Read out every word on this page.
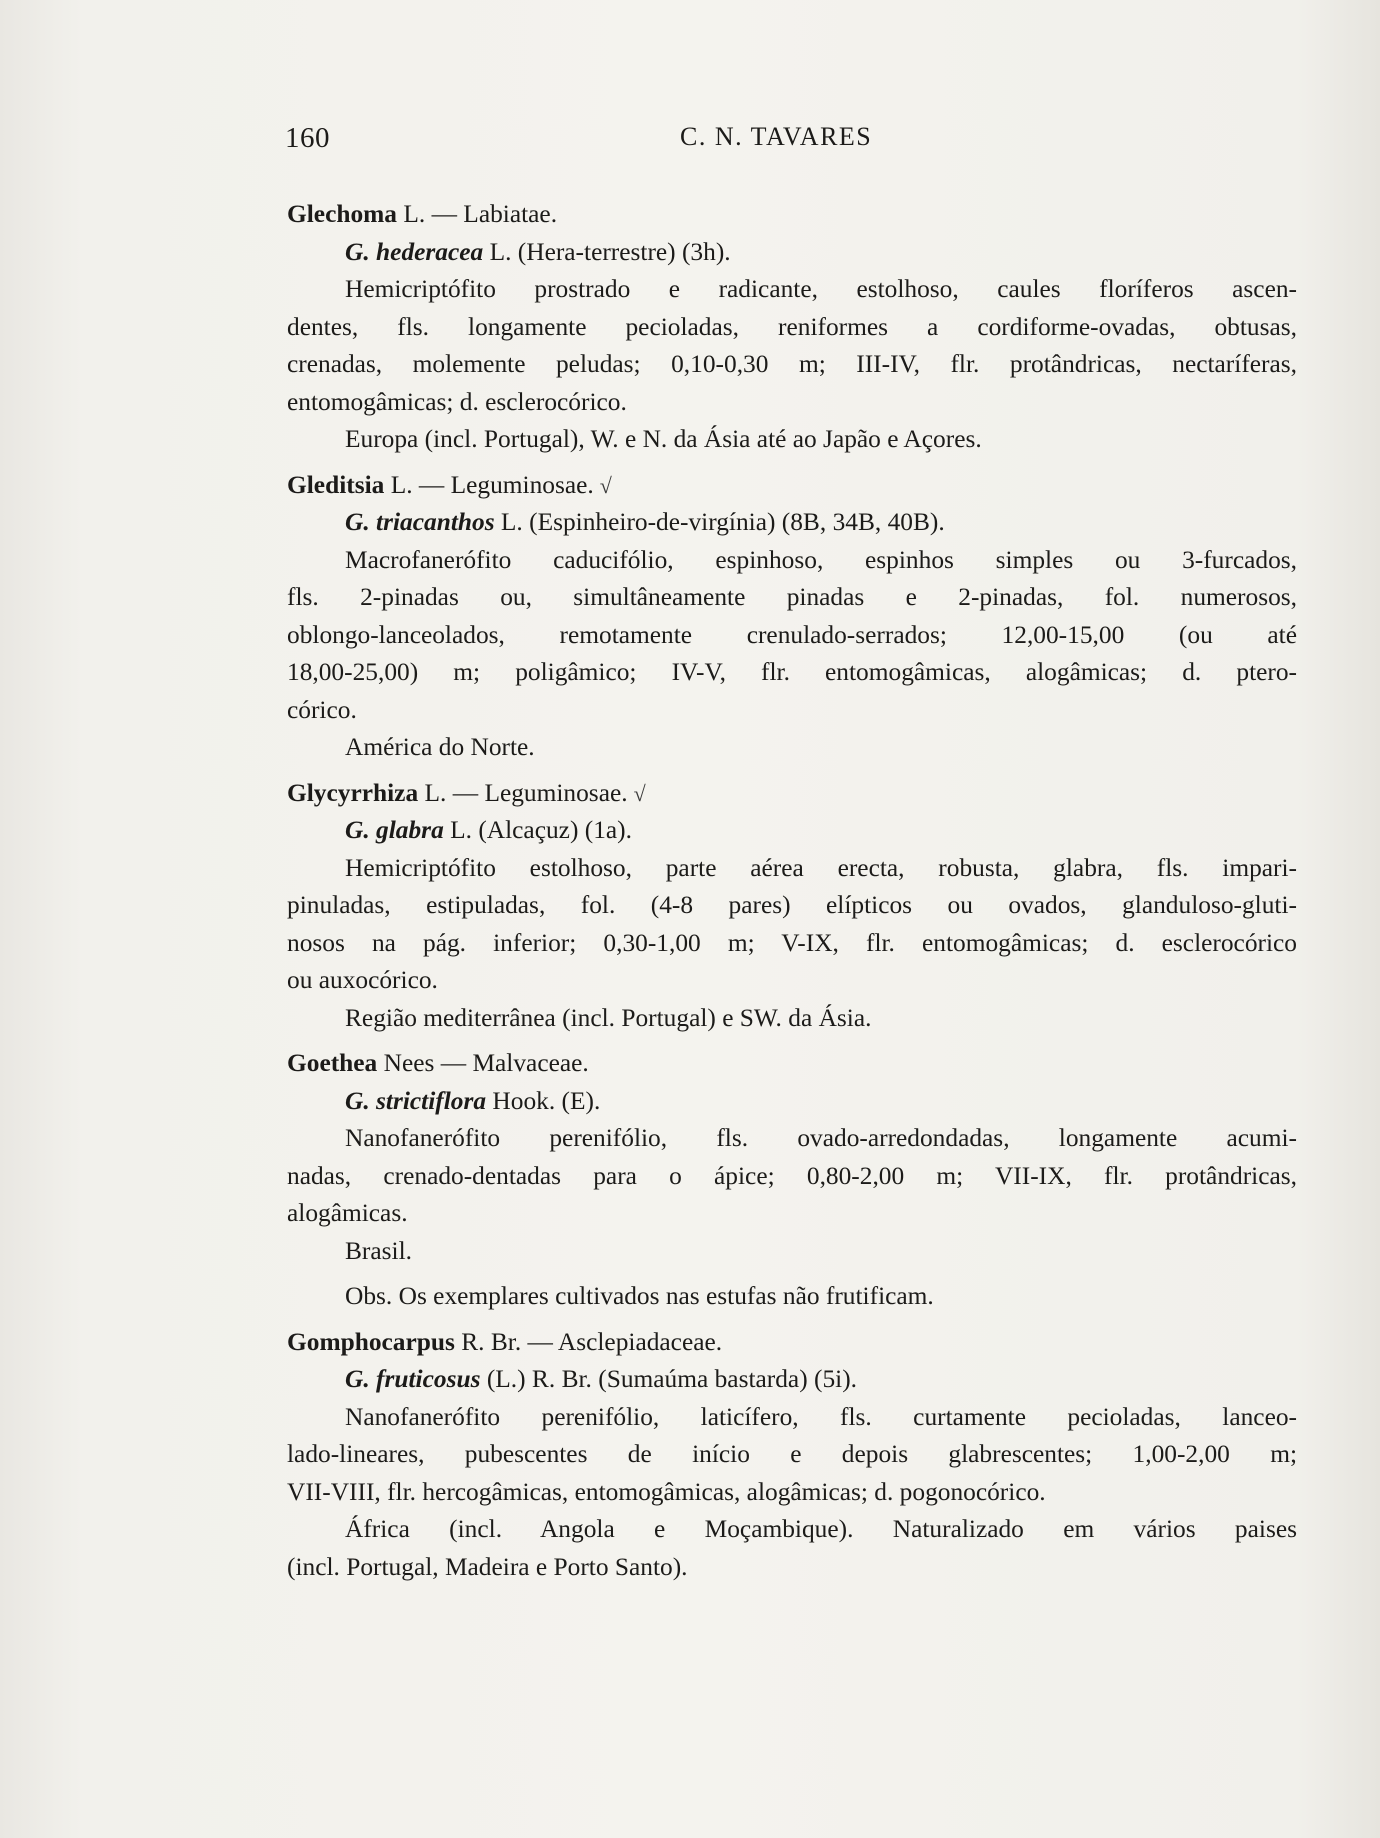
160	C. N. TAVARES
Glechoma L. — Labiatae.
G. hederacea L. (Hera-terrestre) (3h).
Hemicriptófito prostrado e radicante, estolhoso, caules floríferos ascen-
dentes, fls. longamente pecioladas, reniformes a cordiforme-ovadas, obtusas,
crenadas, molemente peludas; 0,10-0,30 m; III-IV, flr. protândricas, nectaríferas,
entomogâmicas; d. esclerocórico.
Europa (incl. Portugal), W. e N. da Ásia até ao Japão e Açores.
Gleditsia L. — Leguminosae. √
G. triacanthos L. (Espinheiro-de-virgínia) (8B, 34B, 40B).
Macrofanerófito caducifólio, espinhoso, espinhos simples ou 3-furcados,
fls. 2-pinadas ou, simultâneamente pinadas e 2-pinadas, fol. numerosos,
oblongo-lanceolados, remotamente crenulado-serrados; 12,00-15,00 (ou até
18,00-25,00) m; poligâmico; IV-V, flr. entomogâmicas, alogâmicas; d. ptero-
córico.
América do Norte.
Glycyrrhiza L. — Leguminosae. √
G. glabra L. (Alcaçuz) (1a).
Hemicriptófito estolhoso, parte aérea erecta, robusta, glabra, fls. impari-
pinuladas, estipuladas, fol. (4-8 pares) elípticos ou ovados, glanduloso-gluti-
nosos na pág. inferior; 0,30-1,00 m; V-IX, flr. entomogâmicas; d. esclerocórico
ou auxocórico.
Região mediterrânea (incl. Portugal) e SW. da Ásia.
Goethea Nees — Malvaceae.
G. strictiflora Hook. (E).
Nanofanerófito perenifólio, fls. ovado-arredondadas, longamente acumi-
nadas, crenado-dentadas para o ápice; 0,80-2,00 m; VII-IX, flr. protândricas,
alogâmicas.
Brasil.
Obs. Os exemplares cultivados nas estufas não frutificam.
Gomphocarpus R. Br. — Asclepiadaceae.
G. fruticosus (L.) R. Br. (Sumaúma bastarda) (5i).
Nanofanerófito perenifólio, laticífero, fls. curtamente pecioladas, lanceo-
lado-lineares, pubescentes de início e depois glabrescentes; 1,00-2,00 m;
VII-VIII, flr. hercogâmicas, entomogâmicas, alogâmicas; d. pogonocórico.
África (incl. Angola e Moçambique). Naturalizado em vários paises
(incl. Portugal, Madeira e Porto Santo).
